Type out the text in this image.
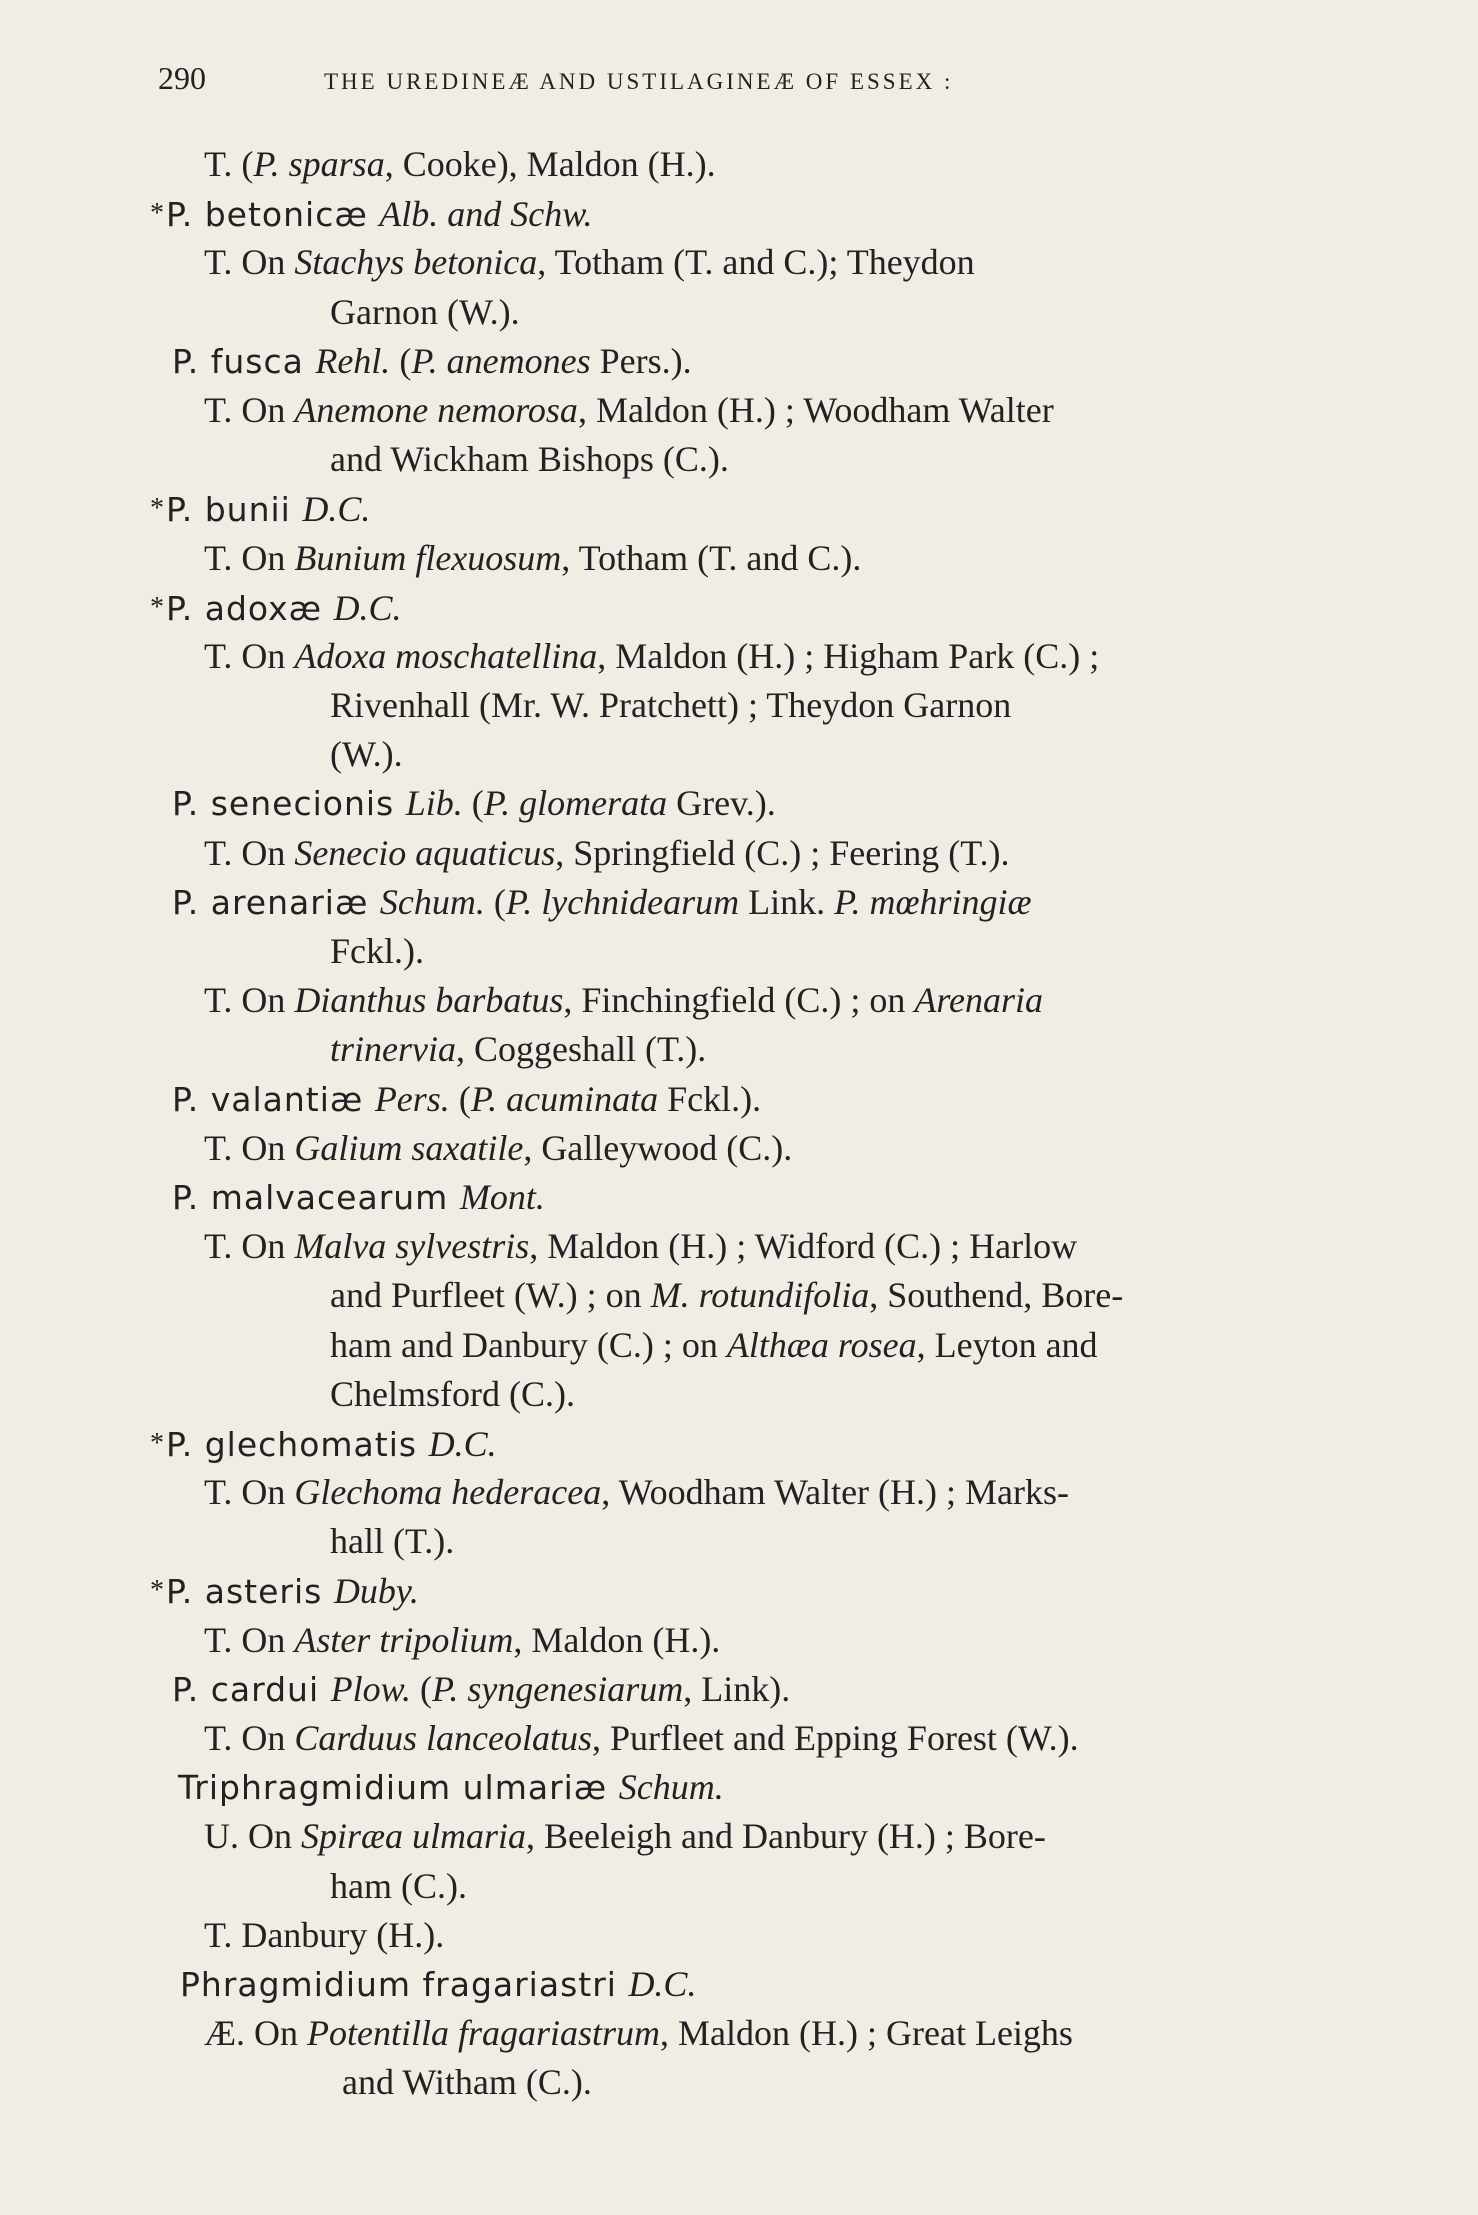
290	THE UREDINEÆ AND USTILAGINEÆ OF ESSEX :
T. (P. sparsa, Cooke), Maldon (H.).
*P. betonicæ Alb. and Schw.
T. On Stachys betonica, Totham (T. and C.); Theydon
Garnon (W.).
P. fusca Rehl. (P. anemones Pers.).
T. On Anemone nemorosa, Maldon (H.) ; Woodham Walter
and Wickham Bishops (C.).
*P. bunii D.C.
T. On Bunium flexuosum, Totham (T. and C.).
*P. adoxæ D.C.
T. On Adoxa moschatellina, Maldon (H.) ; Higham Park (C.) ;
Rivenhall (Mr. W. Pratchett) ; Theydon Garnon
(W.).
P. senecionis Lib. (P. glomerata Grev.).
T. On Senecio aquaticus, Springfield (C.) ; Feering (T.).
P. arenariæ Schum. (P. lychnidearum Link. P. mœhringiæ
Fckl.).
T. On Dianthus barbatus, Finchingfield (C.) ; on Arenaria
trinervia, Coggeshall (T.).
P. valantiæ Pers. (P. acuminata Fckl.).
T. On Galium saxatile, Galleywood (C.).
P. malvacearum Mont.
T. On Malva sylvestris, Maldon (H.) ; Widford (C.) ; Harlow
and Purfleet (W.) ; on M. rotundifolia, Southend, Bore-
ham and Danbury (C.) ; on Althæa rosea, Leyton and
Chelmsford (C.).
*P. glechomatis D.C.
T. On Glechoma hederacea, Woodham Walter (H.) ; Marks-
hall (T.).
*P. asteris Duby.
T. On Aster tripolium, Maldon (H.).
P. cardui Plow. (P. syngenesiarum, Link).
T. On Carduus lanceolatus, Purfleet and Epping Forest (W.).
Triphragmidium ulmariæ Schum.
U. On Spiræa ulmaria, Beeleigh and Danbury (H.) ; Bore-
ham (C.).
T. Danbury (H.).
Phragmidium fragariastri D.C.
Æ. On Potentilla fragariastrum, Maldon (H.) ; Great Leighs
and Witham (C.).
